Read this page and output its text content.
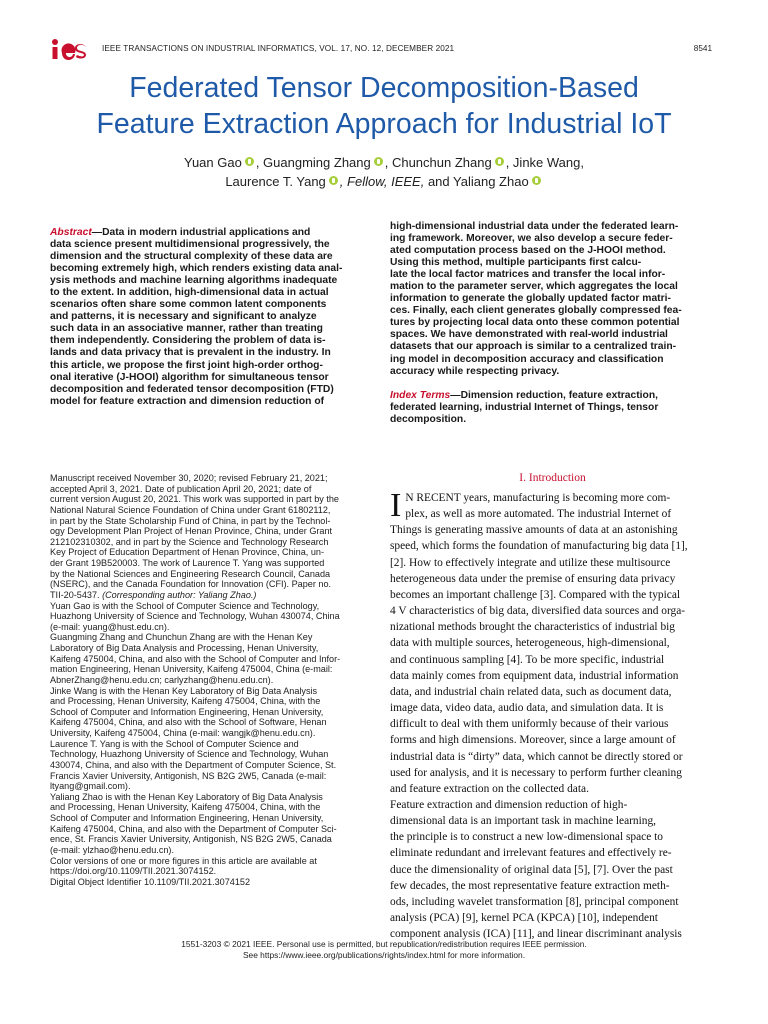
ies
IEEE TRANSACTIONS ON INDUSTRIAL INFORMATICS, VOL. 17, NO. 12, DECEMBER 2021	8541
Federated Tensor Decomposition-Based
Feature Extraction Approach for Industrial IoT
Yuan Gao , Guangming Zhang , Chunchun Zhang , Jinke Wang,
Laurence T. Yang , Fellow, IEEE, and Yaliang Zhao

Abstract—Data in modern industrial applications and
data science present multidimensional progressively, the
dimension and the structural complexity of these data are
becoming extremely high, which renders existing data anal-
ysis methods and machine learning algorithms inadequate
to the extent. In addition, high-dimensional data in actual
scenarios often share some common latent components
and patterns, it is necessary and significant to analyze
such data in an associative manner, rather than treating
them independently. Considering the problem of data is-
lands and data privacy that is prevalent in the industry. In
this article, we propose the first joint high-order orthog-
onal iterative (J-HOOI) algorithm for simultaneous tensor
decomposition and federated tensor decomposition (FTD)
model for feature extraction and dimension reduction of

high-dimensional industrial data under the federated learn-
ing framework. Moreover, we also develop a secure feder-
ated computation process based on the J-HOOI method.
Using this method, multiple participants first calcu-
late the local factor matrices and transfer the local infor-
mation to the parameter server, which aggregates the local
information to generate the globally updated factor matri-
ces. Finally, each client generates globally compressed fea-
tures by projecting local data onto these common potential
spaces. We have demonstrated with real-world industrial
datasets that our approach is similar to a centralized train-
ing model in decomposition accuracy and classification
accuracy while respecting privacy.

Index Terms—Dimension reduction, feature extraction,
federated learning, industrial Internet of Things, tensor
decomposition.

Manuscript received November 30, 2020; revised February 21, 2021;
accepted April 3, 2021. Date of publication April 20, 2021; date of
current version August 20, 2021. This work was supported in part by the
National Natural Science Foundation of China under Grant 61802112,
in part by the State Scholarship Fund of China, in part by the Technol-
ogy Development Plan Project of Henan Province, China, under Grant
212102310302, and in part by the Science and Technology Research
Key Project of Education Department of Henan Province, China, un-
der Grant 19B520003. The work of Laurence T. Yang was supported
by the National Sciences and Engineering Research Council, Canada
(NSERC), and the Canada Foundation for Innovation (CFI). Paper no.
TII-20-5437. (Corresponding author: Yaliang Zhao.)

Yuan Gao is with the School of Computer Science and Technology,
Huazhong University of Science and Technology, Wuhan 430074, China
(e-mail: yuang@hust.edu.cn).

Guangming Zhang and Chunchun Zhang are with the Henan Key
Laboratory of Big Data Analysis and Processing, Henan University,
Kaifeng 475004, China, and also with the School of Computer and Infor-
mation Engineering, Henan University, Kaifeng 475004, China (e-mail:
AbnerZhang@henu.edu.cn; carlyzhang@henu.edu.cn).

Jinke Wang is with the Henan Key Laboratory of Big Data Analysis
and Processing, Henan University, Kaifeng 475004, China, with the
School of Computer and Information Engineering, Henan University,
Kaifeng 475004, China, and also with the School of Software, Henan
University, Kaifeng 475004, China (e-mail: wangjk@henu.edu.cn).

Laurence T. Yang is with the School of Computer Science and
Technology, Huazhong University of Science and Technology, Wuhan
430074, China, and also with the Department of Computer Science, St.
Francis Xavier University, Antigonish, NS B2G 2W5, Canada (e-mail:
ltyang@gmail.com).

Yaliang Zhao is with the Henan Key Laboratory of Big Data Analysis
and Processing, Henan University, Kaifeng 475004, China, with the
School of Computer and Information Engineering, Henan University,
Kaifeng 475004, China, and also with the Department of Computer Sci-
ence, St. Francis Xavier University, Antigonish, NS B2G 2W5, Canada
(e-mail: ylzhao@henu.edu.cn).

Color versions of one or more figures in this article are available at
https://doi.org/10.1109/TII.2021.3074152.

Digital Object Identifier 10.1109/TII.2021.3074152

I. Introduction

I N RECENT years, manufacturing is becoming more com-
plex, as well as more automated. The industrial Internet of
Things is generating massive amounts of data at an astonishing
speed, which forms the foundation of manufacturing big data [1],
[2]. How to effectively integrate and utilize these multisource
heterogeneous data under the premise of ensuring data privacy
becomes an important challenge [3]. Compared with the typical
4 V characteristics of big data, diversified data sources and orga-
nizational methods brought the characteristics of industrial big
data with multiple sources, heterogeneous, high-dimensional,
and continuous sampling [4]. To be more specific, industrial
data mainly comes from equipment data, industrial information
data, and industrial chain related data, such as document data,
image data, video data, audio data, and simulation data. It is
difficult to deal with them uniformly because of their various
forms and high dimensions. Moreover, since a large amount of
industrial data is “dirty” data, which cannot be directly stored or
used for analysis, and it is necessary to perform further cleaning
and feature extraction on the collected data.

Feature extraction and dimension reduction of high-
dimensional data is an important task in machine learning,
the principle is to construct a new low-dimensional space to
eliminate redundant and irrelevant features and effectively re-
duce the dimensionality of original data [5], [7]. Over the past
few decades, the most representative feature extraction meth-
ods, including wavelet transformation [8], principal component
analysis (PCA) [9], kernel PCA (KPCA) [10], independent
component analysis (ICA) [11], and linear discriminant analysis

1551-3203 © 2021 IEEE. Personal use is permitted, but republication/redistribution requires IEEE permission.
See https://www.ieee.org/publications/rights/index.html for more information.
